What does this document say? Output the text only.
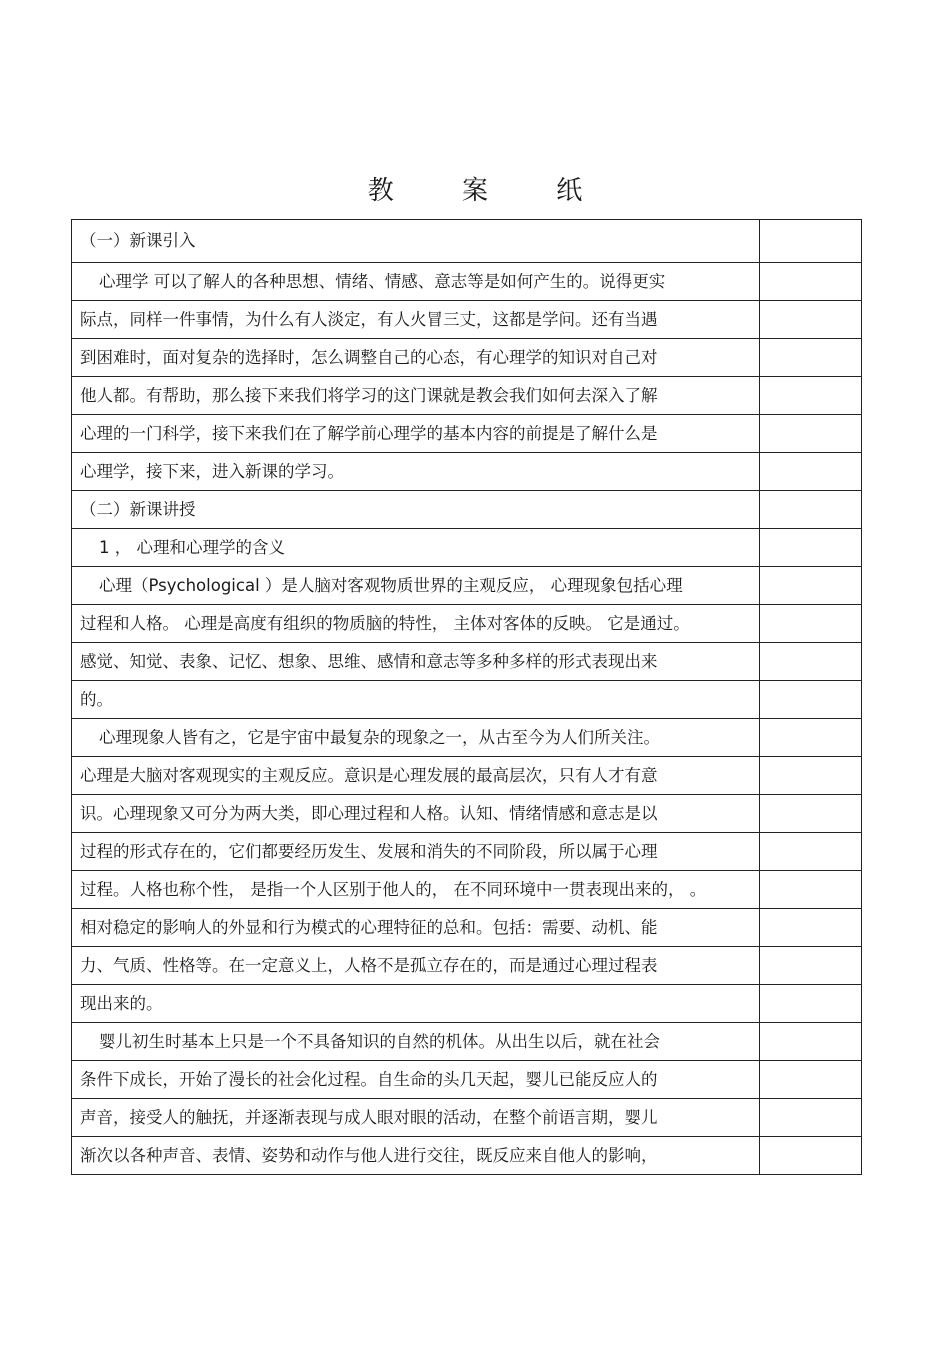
教 案 纸
（一）新课引入	
心理学 可以了解人的各种思想、情绪、情感、意志等是如何产生的。说得更实	
际点，同样一件事情，为什么有人淡定，有人火冒三丈，这都是学问。还有当遇	
到困难时，面对复杂的选择时，怎么调整自己的心态，有心理学的知识对自己对	
他人都。有帮助，那么接下来我们将学习的这门课就是教会我们如何去深入了解	
心理的一门科学，接下来我们在了解学前心理学的基本内容的前提是了解什么是	
心理学，接下来，进入新课的学习。	
（二）新课讲授	
1 ， 心理和心理学的含义	
心理（Psychological ）是人脑对客观物质世界的主观反应， 心理现象包括心理	
过程和人格。 心理是高度有组织的物质脑的特性， 主体对客体的反映。 它是通过。	
感觉、知觉、表象、记忆、想象、思维、感情和意志等多种多样的形式表现出来	
的。	
心理现象人皆有之，它是宇宙中最复杂的现象之一，从古至今为人们所关注。	
心理是大脑对客观现实的主观反应。意识是心理发展的最高层次，只有人才有意	
识。心理现象又可分为两大类，即心理过程和人格。认知、情绪情感和意志是以	
过程的形式存在的，它们都要经历发生、发展和消失的不同阶段，所以属于心理	
过程。人格也称个性， 是指一个人区别于他人的， 在不同环境中一贯表现出来的， 。	
相对稳定的影响人的外显和行为模式的心理特征的总和。包括：需要、动机、能	
力、气质、性格等。在一定意义上，人格不是孤立存在的，而是通过心理过程表	
现出来的。	
婴儿初生时基本上只是一个不具备知识的自然的机体。从出生以后，就在社会	
条件下成长，开始了漫长的社会化过程。自生命的头几天起，婴儿已能反应人的	
声音，接受人的触抚，并逐渐表现与成人眼对眼的活动，在整个前语言期，婴儿	
渐次以各种声音、表情、姿势和动作与他人进行交往，既反应来自他人的影响，	
